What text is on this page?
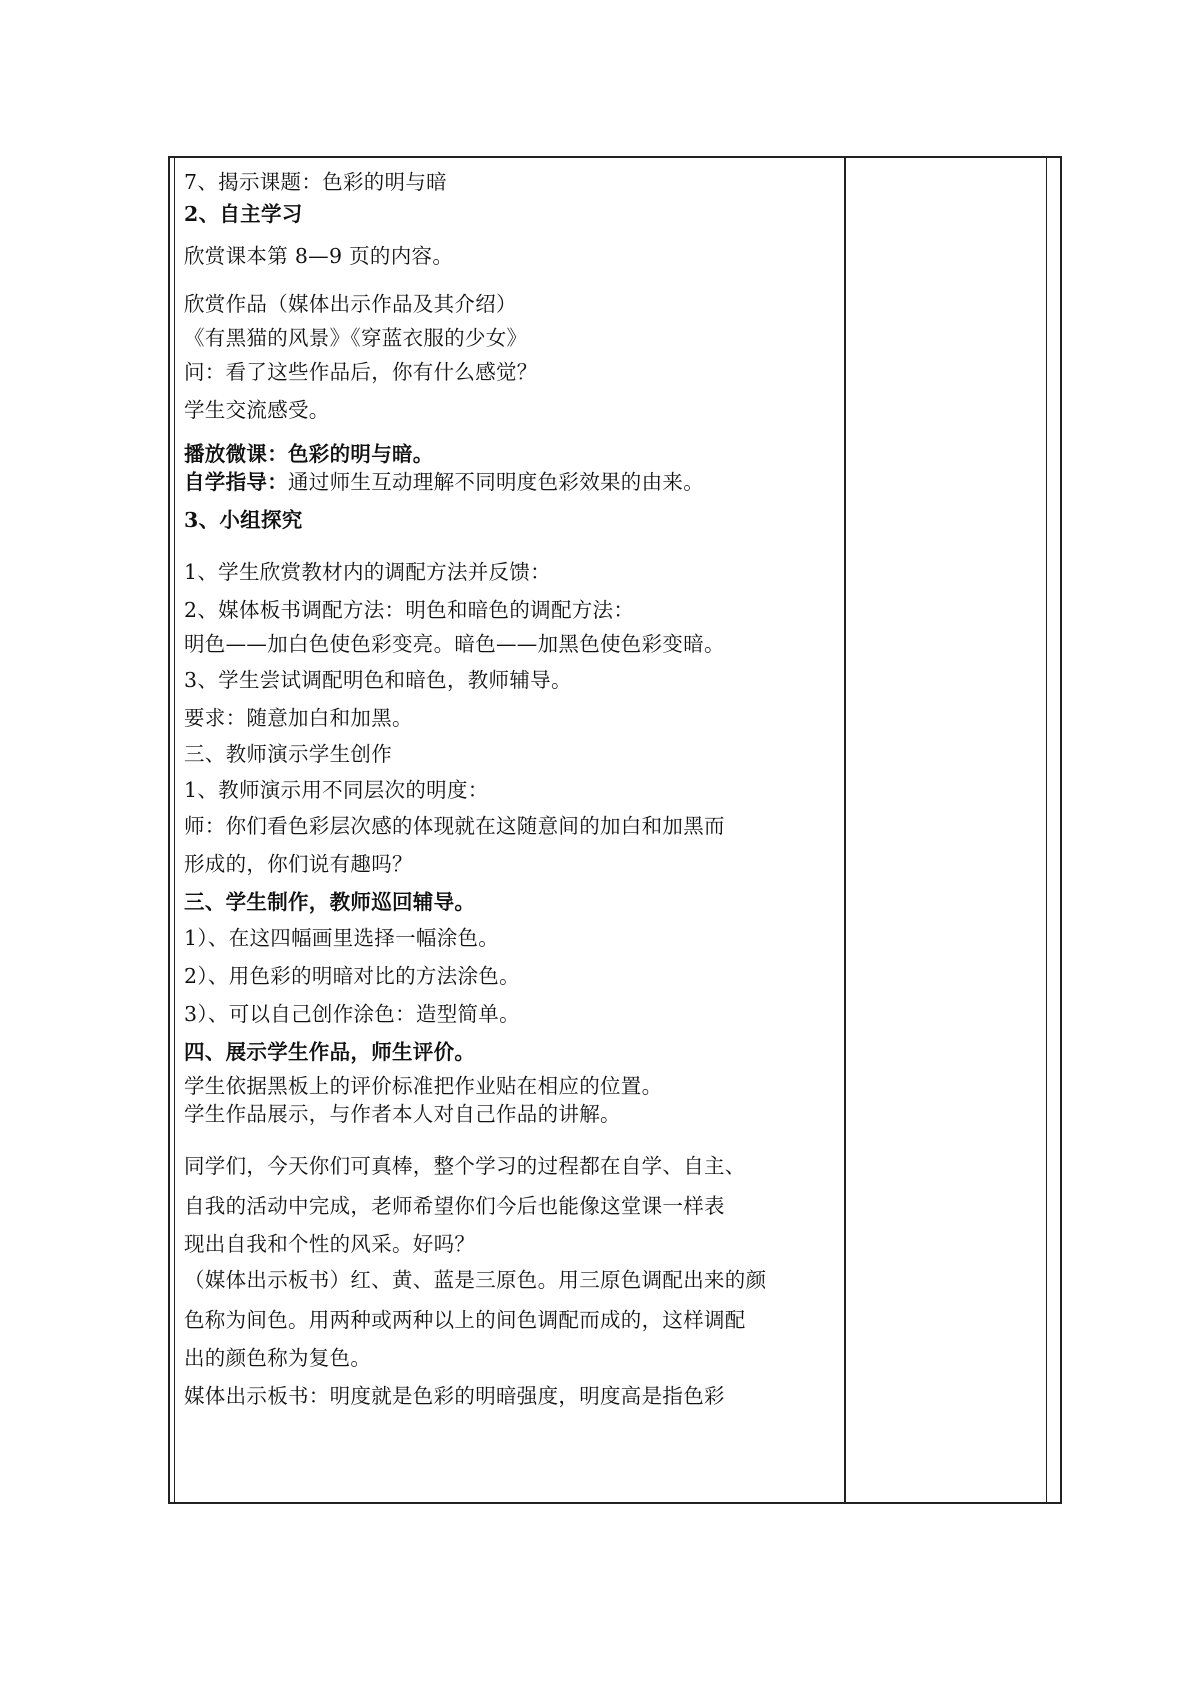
7、揭示课题：色彩的明与暗
2、自主学习
欣赏课本第 8—9 页的内容。
欣赏作品（媒体出示作品及其介绍）
《有黑猫的风景》《穿蓝衣服的少女》
问：看了这些作品后，你有什么感觉？
学生交流感受。
播放微课：色彩的明与暗。
自学指导：通过师生互动理解不同明度色彩效果的由来。
3、小组探究
1、学生欣赏教材内的调配方法并反馈：
2、媒体板书调配方法：明色和暗色的调配方法：
明色——加白色使色彩变亮。暗色——加黑色使色彩变暗。
3、学生尝试调配明色和暗色，教师辅导。
要求：随意加白和加黑。
三、教师演示学生创作
1、教师演示用不同层次的明度：
师：你们看色彩层次感的体现就在这随意间的加白和加黑而
形成的，你们说有趣吗？
三、学生制作，教师巡回辅导。
1）、在这四幅画里选择一幅涂色。
2）、用色彩的明暗对比的方法涂色。
3）、可以自己创作涂色：造型简单。
四、展示学生作品，师生评价。
学生依据黑板上的评价标准把作业贴在相应的位置。
学生作品展示，与作者本人对自己作品的讲解。
同学们，今天你们可真棒，整个学习的过程都在自学、自主、
自我的活动中完成，老师希望你们今后也能像这堂课一样表
现出自我和个性的风采。好吗？
（媒体出示板书）红、黄、蓝是三原色。用三原色调配出来的颜
色称为间色。用两种或两种以上的间色调配而成的，这样调配
出的颜色称为复色。
媒体出示板书：明度就是色彩的明暗强度，明度高是指色彩
